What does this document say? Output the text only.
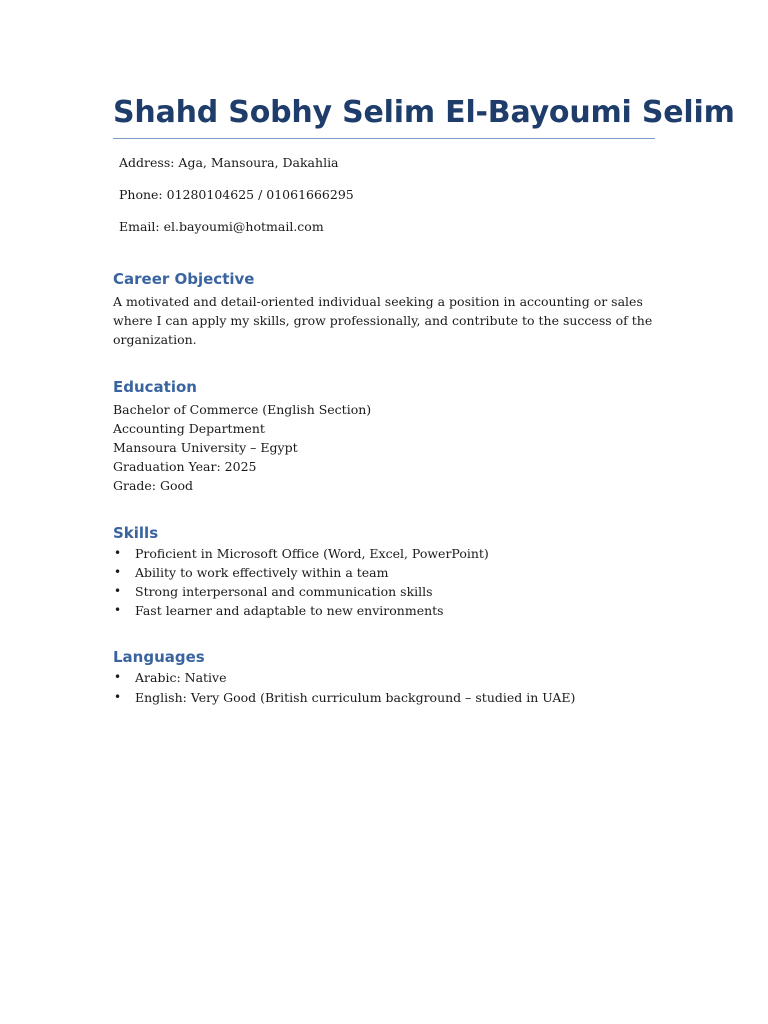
Shahd Sobhy Selim El-Bayoumi Selim
Address: Aga, Mansoura, Dakahlia
Phone: 01280104625 / 01061666295
Email: el.bayoumi@hotmail.com
Career Objective

A motivated and detail-oriented individual seeking a position in accounting or sales where I can apply my skills, grow professionally, and contribute to the success of the organization.

Education

Bachelor of Commerce (English Section)

Accounting Department

Mansoura University – Egypt

Graduation Year: 2025

Grade: Good

Skills
• Proficient in Microsoft Office (Word, Excel, PowerPoint)
• Ability to work effectively within a team
• Strong interpersonal and communication skills
• Fast learner and adaptable to new environments
Languages
• Arabic: Native
• English: Very Good (British curriculum background – studied in UAE)
